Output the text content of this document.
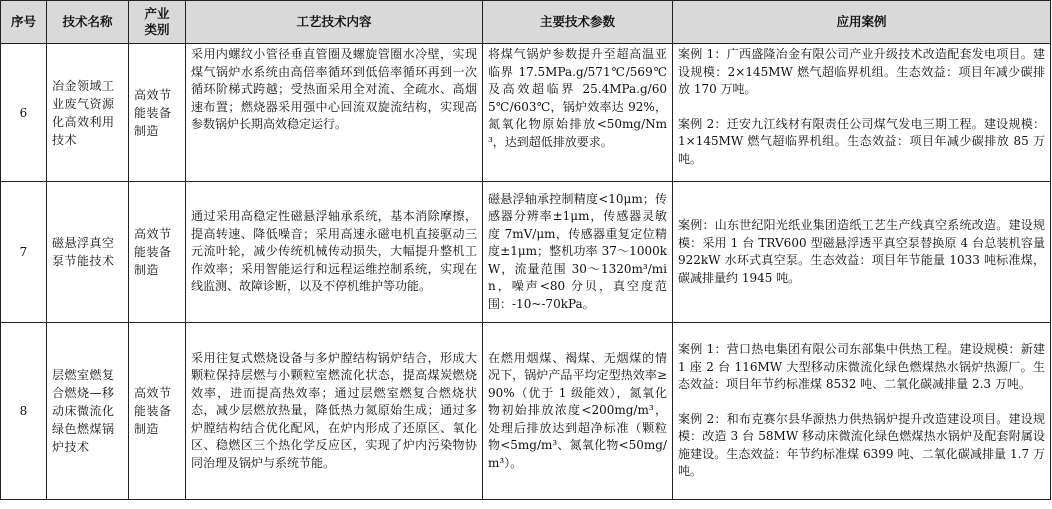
序号	技术名称	产业类别	工艺技术内容	主要技术参数	应用案例
6	冶金领域工业废气资源化高效利用技术	高效节能装备制造	采用内螺纹小管径垂直管圈及螺旋管圈水冷壁，实现煤气锅炉水系统由高倍率循环到低倍率循环再到一次循环阶梯式跨越；受热面采用全对流、全疏水、高烟速布置；燃烧器采用强中心回流双旋流结构，实现高参数锅炉长期高效稳定运行。	将煤气锅炉参数提升至超高温亚临界 17.5MPa.g/571℃/569℃及高效超临界 25.4MPa.g/605℃/603℃，锅炉效率达 92%，氮氧化物原始排放<50mg/Nm³，达到超低排放要求。	案例 1：广西盛隆冶金有限公司产业升级技术改造配套发电项目。建设规模：2×145MW 燃气超临界机组。生态效益：项目年减少碳排放 170 万吨。

案例 2：迁安九江线材有限责任公司煤气发电三期工程。建设规模：1×145MW 燃气超临界机组。生态效益：项目年减少碳排放 85 万吨。

7	磁悬浮真空泵节能技术	高效节能装备制造	通过采用高稳定性磁悬浮轴承系统，基本消除摩擦，提高转速、降低噪音；采用高速永磁电机直接驱动三元流叶轮，减少传统机械传动损失，大幅提升整机工作效率；采用智能运行和远程运维控制系统，实现在线监测、故障诊断，以及不停机维护等功能。	磁悬浮轴承控制精度<10μm；传感器分辨率±1μm，传感器灵敏度 7mV/μm，传感器重复定位精度±1μm；整机功率 37～1000kW，流量范围 30～1320m³/min，噪声<80 分贝，真空度范围：-10~-70kPa。	案例：山东世纪阳光纸业集团造纸工艺生产线真空系统改造。建设规模：采用 1 台 TRV600 型磁悬浮透平真空泵替换原 4 台总装机容量 922kW 水环式真空泵。生态效益：项目年节能量 1033 吨标准煤，碳减排量约 1945 吨。

8	层燃室燃复合燃烧—移动床微流化绿色燃煤锅炉技术	高效节能装备制造	采用往复式燃烧设备与多炉膛结构锅炉结合，形成大颗粒保持层燃与小颗粒室燃流化状态，提高煤炭燃烧效率，进而提高热效率；通过层燃室燃复合燃烧状态，减少层燃放热量，降低热力氮原始生成；通过多炉膛结构结合优化配风，在炉内形成了还原区、氧化区、稳燃区三个热化学反应区，实现了炉内污染物协同治理及锅炉与系统节能。	在燃用烟煤、褐煤、无烟煤的情况下，锅炉产品平均定型热效率≥90%（优于 1 级能效），氮氧化物初始排放浓度<200mg/m³，处理后排放达到超净标准（颗粒物<5mg/m³、氮氧化物<50mg/m³）。	案例 1：营口热电集团有限公司东部集中供热工程。建设规模：新建 1 座 2 台 116MW 大型移动床微流化绿色燃煤热水锅炉热源厂。生态效益：项目年节约标准煤 8532 吨、二氧化碳减排量 2.3 万吨。

案例 2：和布克赛尔县华源热力供热锅炉提升改造建设项目。建设规模：改造 3 台 58MW 移动床微流化绿色燃煤热水锅炉及配套附属设施建设。生态效益：年节约标准煤 6399 吨、二氧化碳减排量 1.7 万吨。
